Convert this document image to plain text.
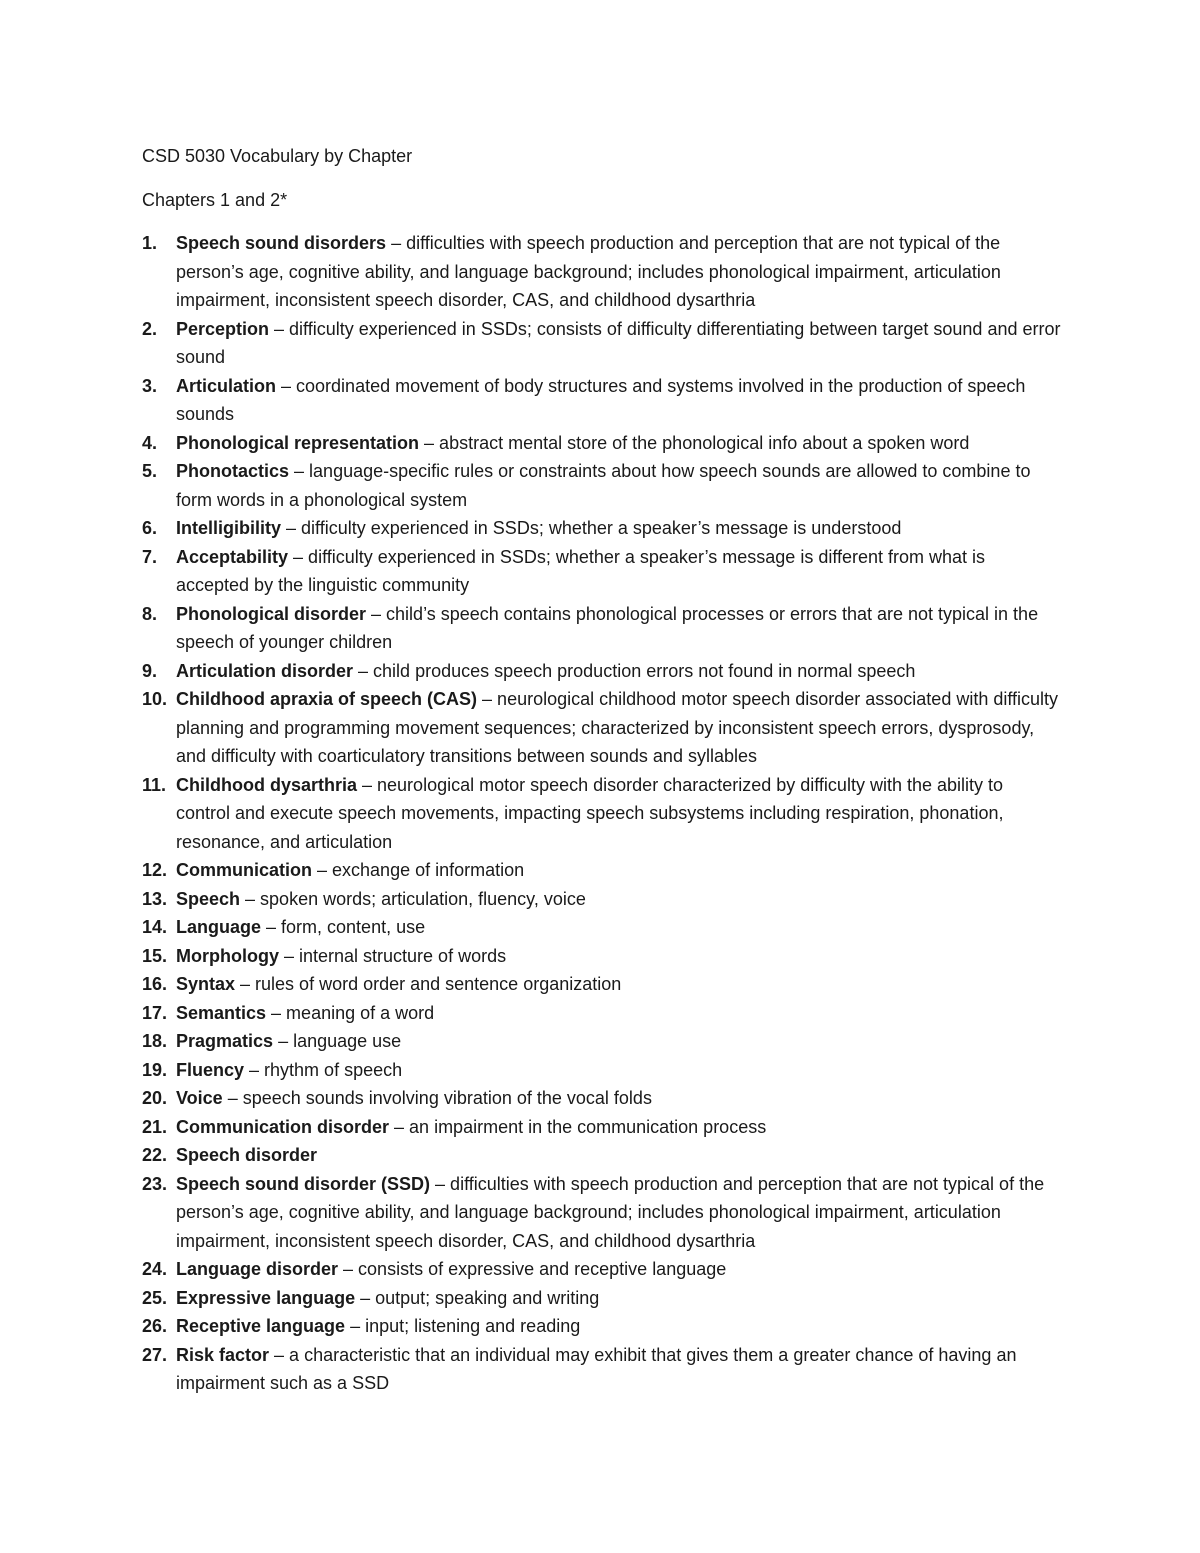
CSD 5030 Vocabulary by Chapter
Chapters 1 and 2*
1.	Speech sound disorders – difficulties with speech production and perception that are not typical of the person’s age, cognitive ability, and language background; includes phonological impairment, articulation impairment, inconsistent speech disorder, CAS, and childhood dysarthria
2.	Perception – difficulty experienced in SSDs; consists of difficulty differentiating between target sound and error sound
3.	Articulation – coordinated movement of body structures and systems involved in the production of speech sounds
4.	Phonological representation – abstract mental store of the phonological info about a spoken word
5.	Phonotactics – language-specific rules or constraints about how speech sounds are allowed to combine to form words in a phonological system
6.	Intelligibility – difficulty experienced in SSDs; whether a speaker’s message is understood
7.	Acceptability – difficulty experienced in SSDs; whether a speaker’s message is different from what is accepted by the linguistic community
8.	Phonological disorder – child’s speech contains phonological processes or errors that are not typical in the speech of younger children
9.	Articulation disorder – child produces speech production errors not found in normal speech
10. Childhood apraxia of speech (CAS) – neurological childhood motor speech disorder associated with difficulty planning and programming movement sequences; characterized by inconsistent speech errors, dysprosody, and difficulty with coarticulatory transitions between sounds and syllables
11. Childhood dysarthria – neurological motor speech disorder characterized by difficulty with the ability to control and execute speech movements, impacting speech subsystems including respiration, phonation, resonance, and articulation
12. Communication – exchange of information
13. Speech – spoken words; articulation, fluency, voice
14. Language – form, content, use
15. Morphology – internal structure of words
16. Syntax – rules of word order and sentence organization
17. Semantics – meaning of a word
18. Pragmatics – language use
19. Fluency – rhythm of speech
20. Voice – speech sounds involving vibration of the vocal folds
21. Communication disorder – an impairment in the communication process
22. Speech disorder
23. Speech sound disorder (SSD) – difficulties with speech production and perception that are not typical of the person’s age, cognitive ability, and language background; includes phonological impairment, articulation impairment, inconsistent speech disorder, CAS, and childhood dysarthria
24. Language disorder – consists of expressive and receptive language
25. Expressive language – output; speaking and writing
26. Receptive language – input; listening and reading
27. Risk factor – a characteristic that an individual may exhibit that gives them a greater chance of having an impairment such as a SSD
